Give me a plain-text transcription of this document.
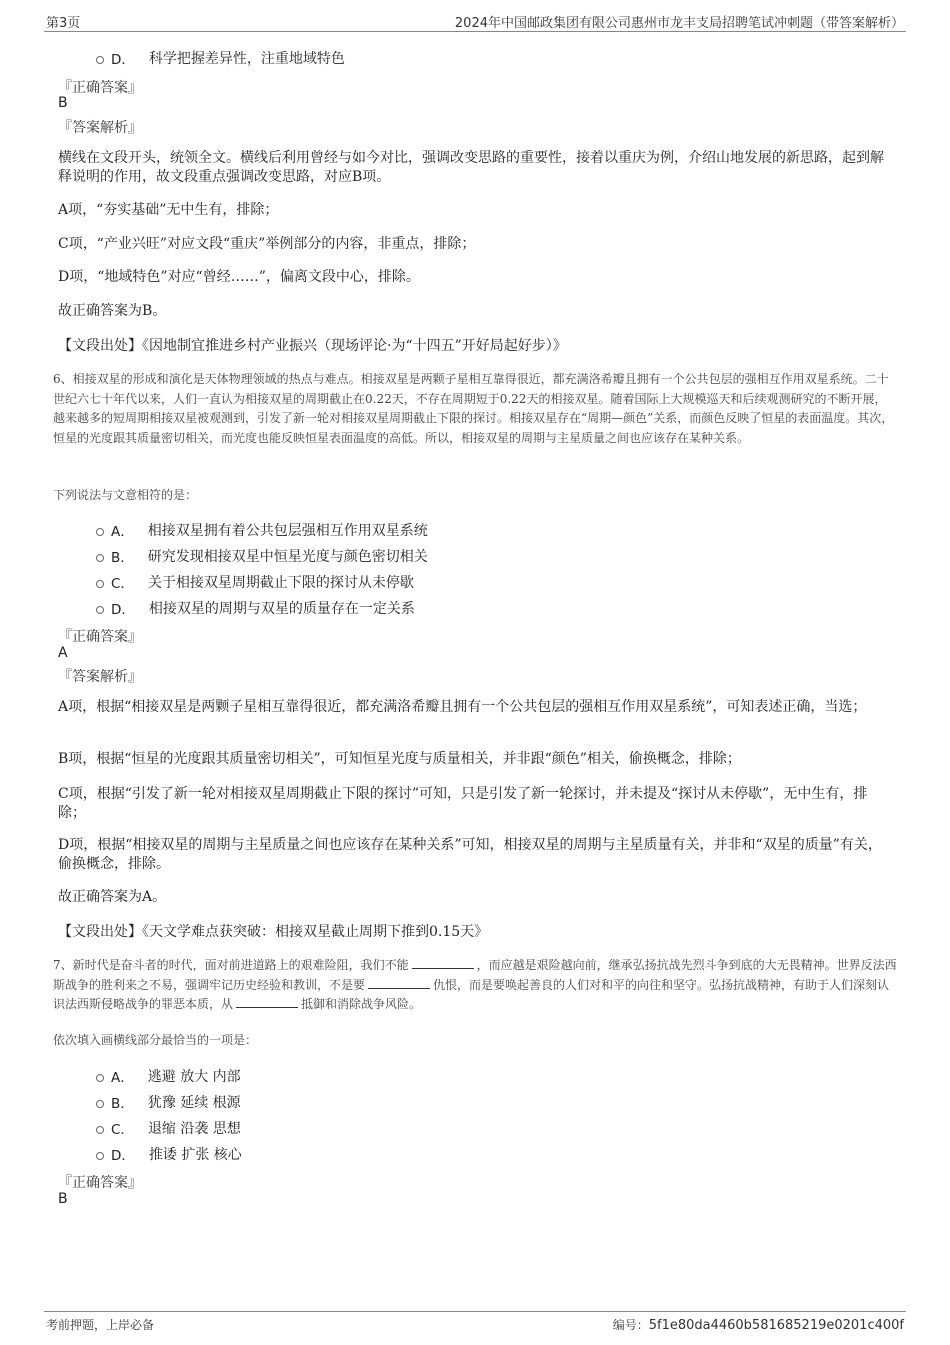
第3页	2024年中国邮政集团有限公司惠州市龙丰支局招聘笔试冲刺题（带答案解析）
D． 科学把握差异性，注重地域特色
『正确答案』
B
『答案解析』

横线在文段开头，统领全文。横线后利用曾经与如今对比，强调改变思路的重要性，接着以重庆为例，介绍山地发展的新思路，起到解释说明的作用，故文段重点强调改变思路，对应B项。

A项，“夯实基础”无中生有，排除；

C项，“产业兴旺”对应文段“重庆”举例部分的内容，非重点，排除；

D项，“地域特色”对应“曾经……”，偏离文段中心，排除。

故正确答案为B。

【文段出处】《因地制宜推进乡村产业振兴（现场评论·为“十四五”开好局起好步）》

6、相接双星的形成和演化是天体物理领域的热点与难点。相接双星是两颗子星相互靠得很近，都充满洛希瓣且拥有一个公共包层的强相互作用双星系统。二十世纪六七十年代以来，人们一直认为相接双星的周期截止在0.22天，不存在周期短于0.22天的相接双星。随着国际上大规模巡天和后续观测研究的不断开展，越来越多的短周期相接双星被观测到，引发了新一轮对相接双星周期截止下限的探讨。相接双星存在“周期—颜色”关系，而颜色反映了恒星的表面温度。其次，恒星的光度跟其质量密切相关，而光度也能反映恒星表面温度的高低。所以，相接双星的周期与主星质量之间也应该存在某种关系。

下列说法与文意相符的是：
A． 相接双星拥有着公共包层强相互作用双星系统
B． 研究发现相接双星中恒星光度与颜色密切相关
C． 关于相接双星周期截止下限的探讨从未停歇
D． 相接双星的周期与双星的质量存在一定关系
『正确答案』
A
『答案解析』

A项，根据“相接双星是两颗子星相互靠得很近，都充满洛希瓣且拥有一个公共包层的强相互作用双星系统”，可知表述正确，当选；

B项，根据“恒星的光度跟其质量密切相关”，可知恒星光度与质量相关，并非跟“颜色”相关，偷换概念，排除；

C项，根据“引发了新一轮对相接双星周期截止下限的探讨”可知，只是引发了新一轮探讨，并未提及“探讨从未停歇”，无中生有，排除；

D项，根据“相接双星的周期与主星质量之间也应该存在某种关系”可知，相接双星的周期与主星质量有关，并非和“双星的质量”有关，偷换概念，排除。

故正确答案为A。

【文段出处】《天文学难点获突破：相接双星截止周期下推到0.15天》

7、新时代是奋斗者的时代，面对前进道路上的艰难险阻，我们不能	，而应越是艰险越向前，继承弘扬抗战先烈斗争到底的大无畏精神。世界反法西斯战争的胜利来之不易，强调牢记历史经验和教训，不是要	仇恨，而是要唤起善良的人们对和平的向往和坚守。弘扬抗战精神，有助于人们深刻认识法西斯侵略战争的罪恶本质，从	抵御和消除战争风险。

依次填入画横线部分最恰当的一项是：
A． 逃避 放大 内部
B． 犹豫 延续 根源
C． 退缩 沿袭 思想
D． 推诿 扩张 核心
『正确答案』
B
考前押题，上岸必备	编号：5f1e80da4460b581685219e0201c400f
